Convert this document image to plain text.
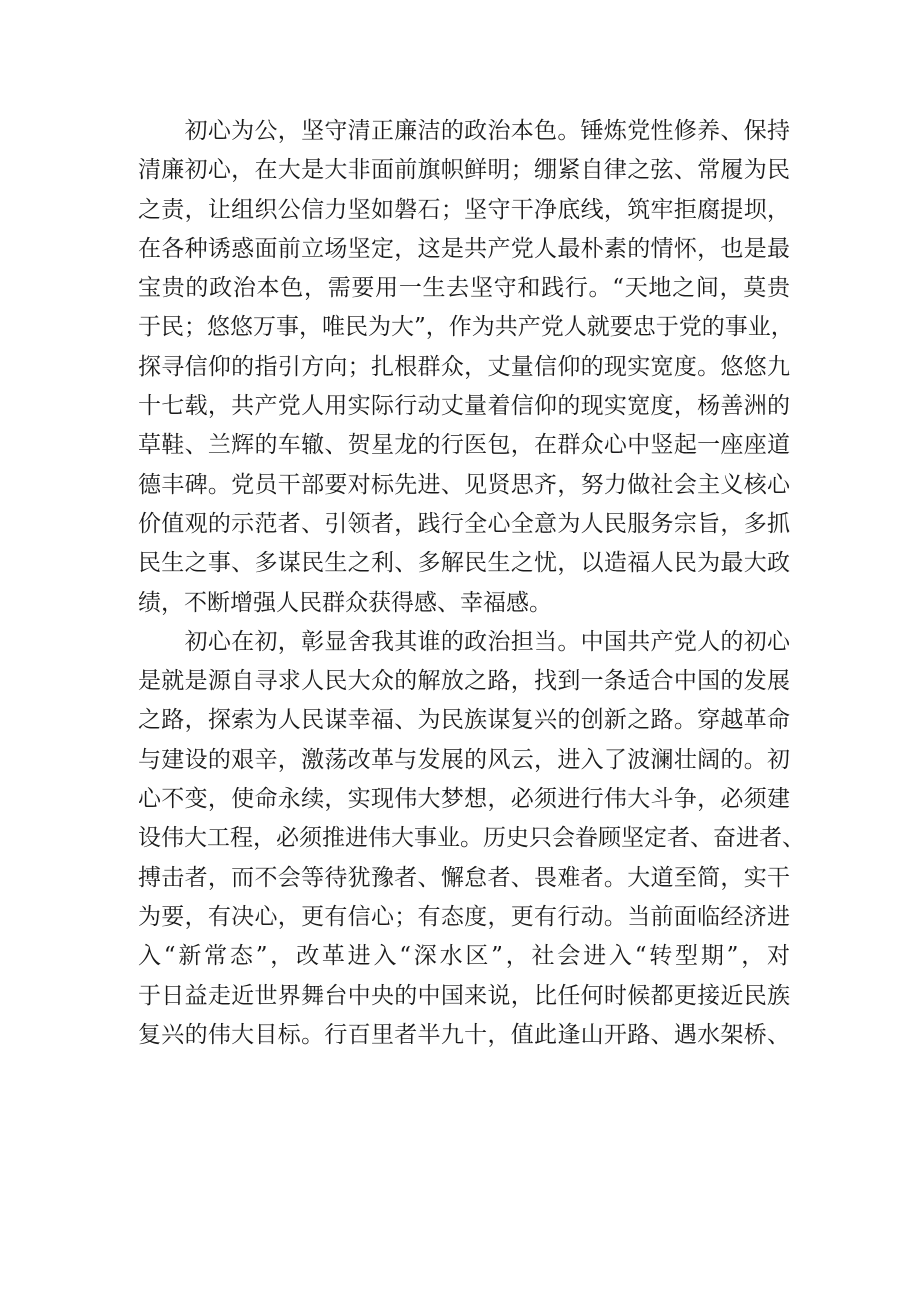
　　初心为公，坚守清正廉洁的政治本色。锤炼党性修养、保持
清廉初心，在大是大非面前旗帜鲜明；绷紧自律之弦、常履为民
之责，让组织公信力坚如磐石；坚守干净底线，筑牢拒腐提坝，
在各种诱惑面前立场坚定，这是共产党人最朴素的情怀，也是最
宝贵的政治本色，需要用一生去坚守和践行。“天地之间，莫贵
于民；悠悠万事，唯民为大”，作为共产党人就要忠于党的事业，
探寻信仰的指引方向；扎根群众，丈量信仰的现实宽度。悠悠九
十七载，共产党人用实际行动丈量着信仰的现实宽度，杨善洲的
草鞋、兰辉的车辙、贺星龙的行医包，在群众心中竖起一座座道
德丰碑。党员干部要对标先进、见贤思齐，努力做社会主义核心
价值观的示范者、引领者，践行全心全意为人民服务宗旨，多抓
民生之事、多谋民生之利、多解民生之忧，以造福人民为最大政
绩，不断增强人民群众获得感、幸福感。

　　初心在初，彰显舍我其谁的政治担当。中国共产党人的初心
是就是源自寻求人民大众的解放之路，找到一条适合中国的发展
之路，探索为人民谋幸福、为民族谋复兴的创新之路。穿越革命
与建设的艰辛，激荡改革与发展的风云，进入了波澜壮阔的。初
心不变，使命永续，实现伟大梦想，必须进行伟大斗争，必须建
设伟大工程，必须推进伟大事业。历史只会眷顾坚定者、奋进者、
搏击者，而不会等待犹豫者、懈怠者、畏难者。大道至简，实干
为要，有决心，更有信心；有态度，更有行动。当前面临经济进
入“新常态”，改革进入“深水区”，社会进入“转型期”，对
于日益走近世界舞台中央的中国来说，比任何时候都更接近民族
复兴的伟大目标。行百里者半九十，值此逢山开路、遇水架桥、
